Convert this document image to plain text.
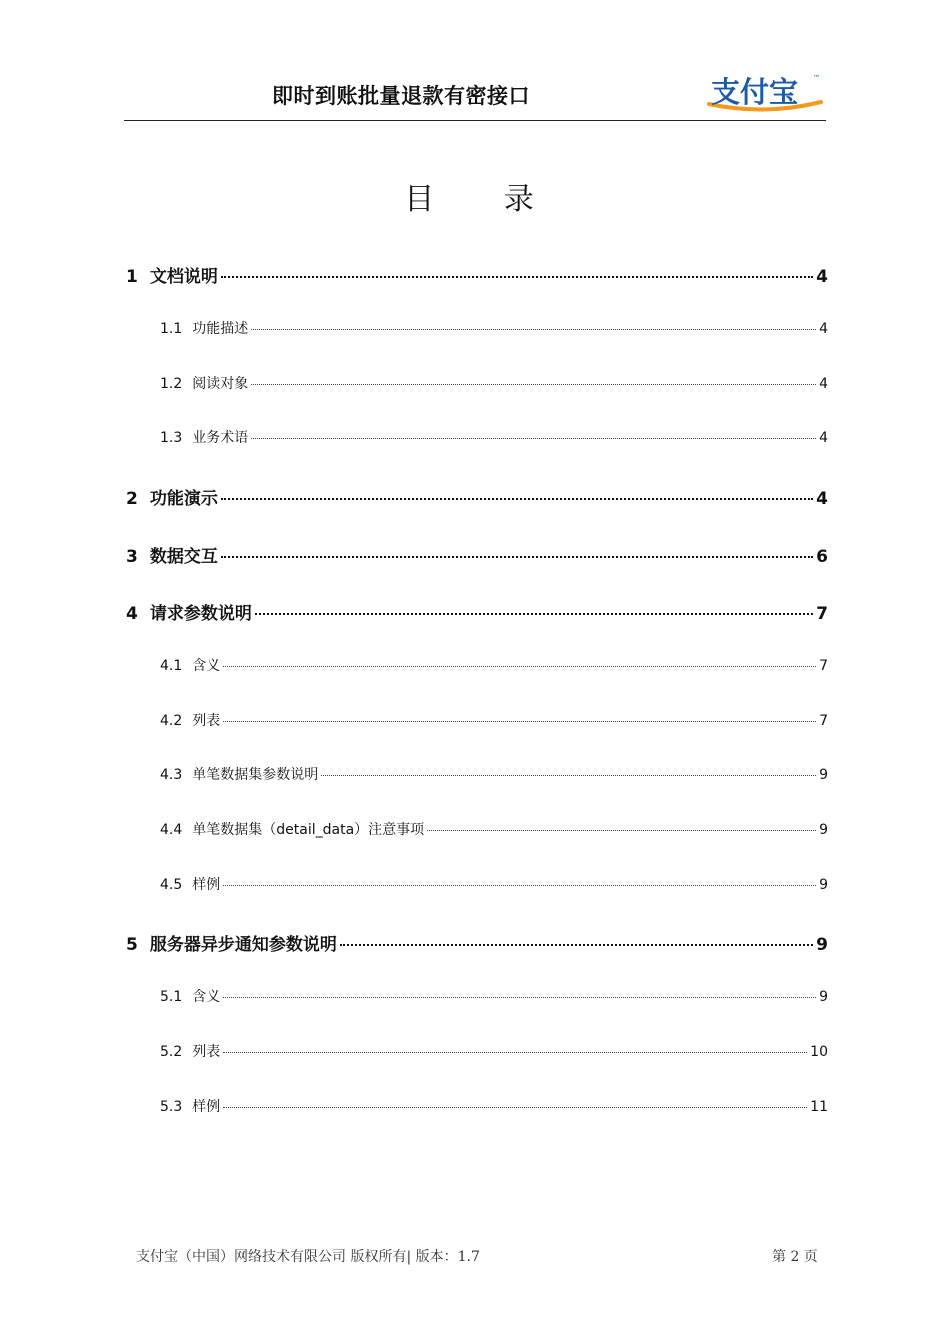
即时到账批量退款有密接口	支付宝 ™
目 录
1 文档说明	4
1.1 功能描述	4
1.2 阅读对象	4
1.3 业务术语	4
2 功能演示	4
3 数据交互	6
4 请求参数说明	7
4.1 含义	7
4.2 列表	7
4.3 单笔数据集参数说明	9
4.4 单笔数据集（detail_data）注意事项	9
4.5 样例	9
5 服务器异步通知参数说明	9
5.1 含义	9
5.2 列表	10
5.3 样例	11
支付宝（中国）网络技术有限公司 版权所有| 版本：1.7	第 2 页
